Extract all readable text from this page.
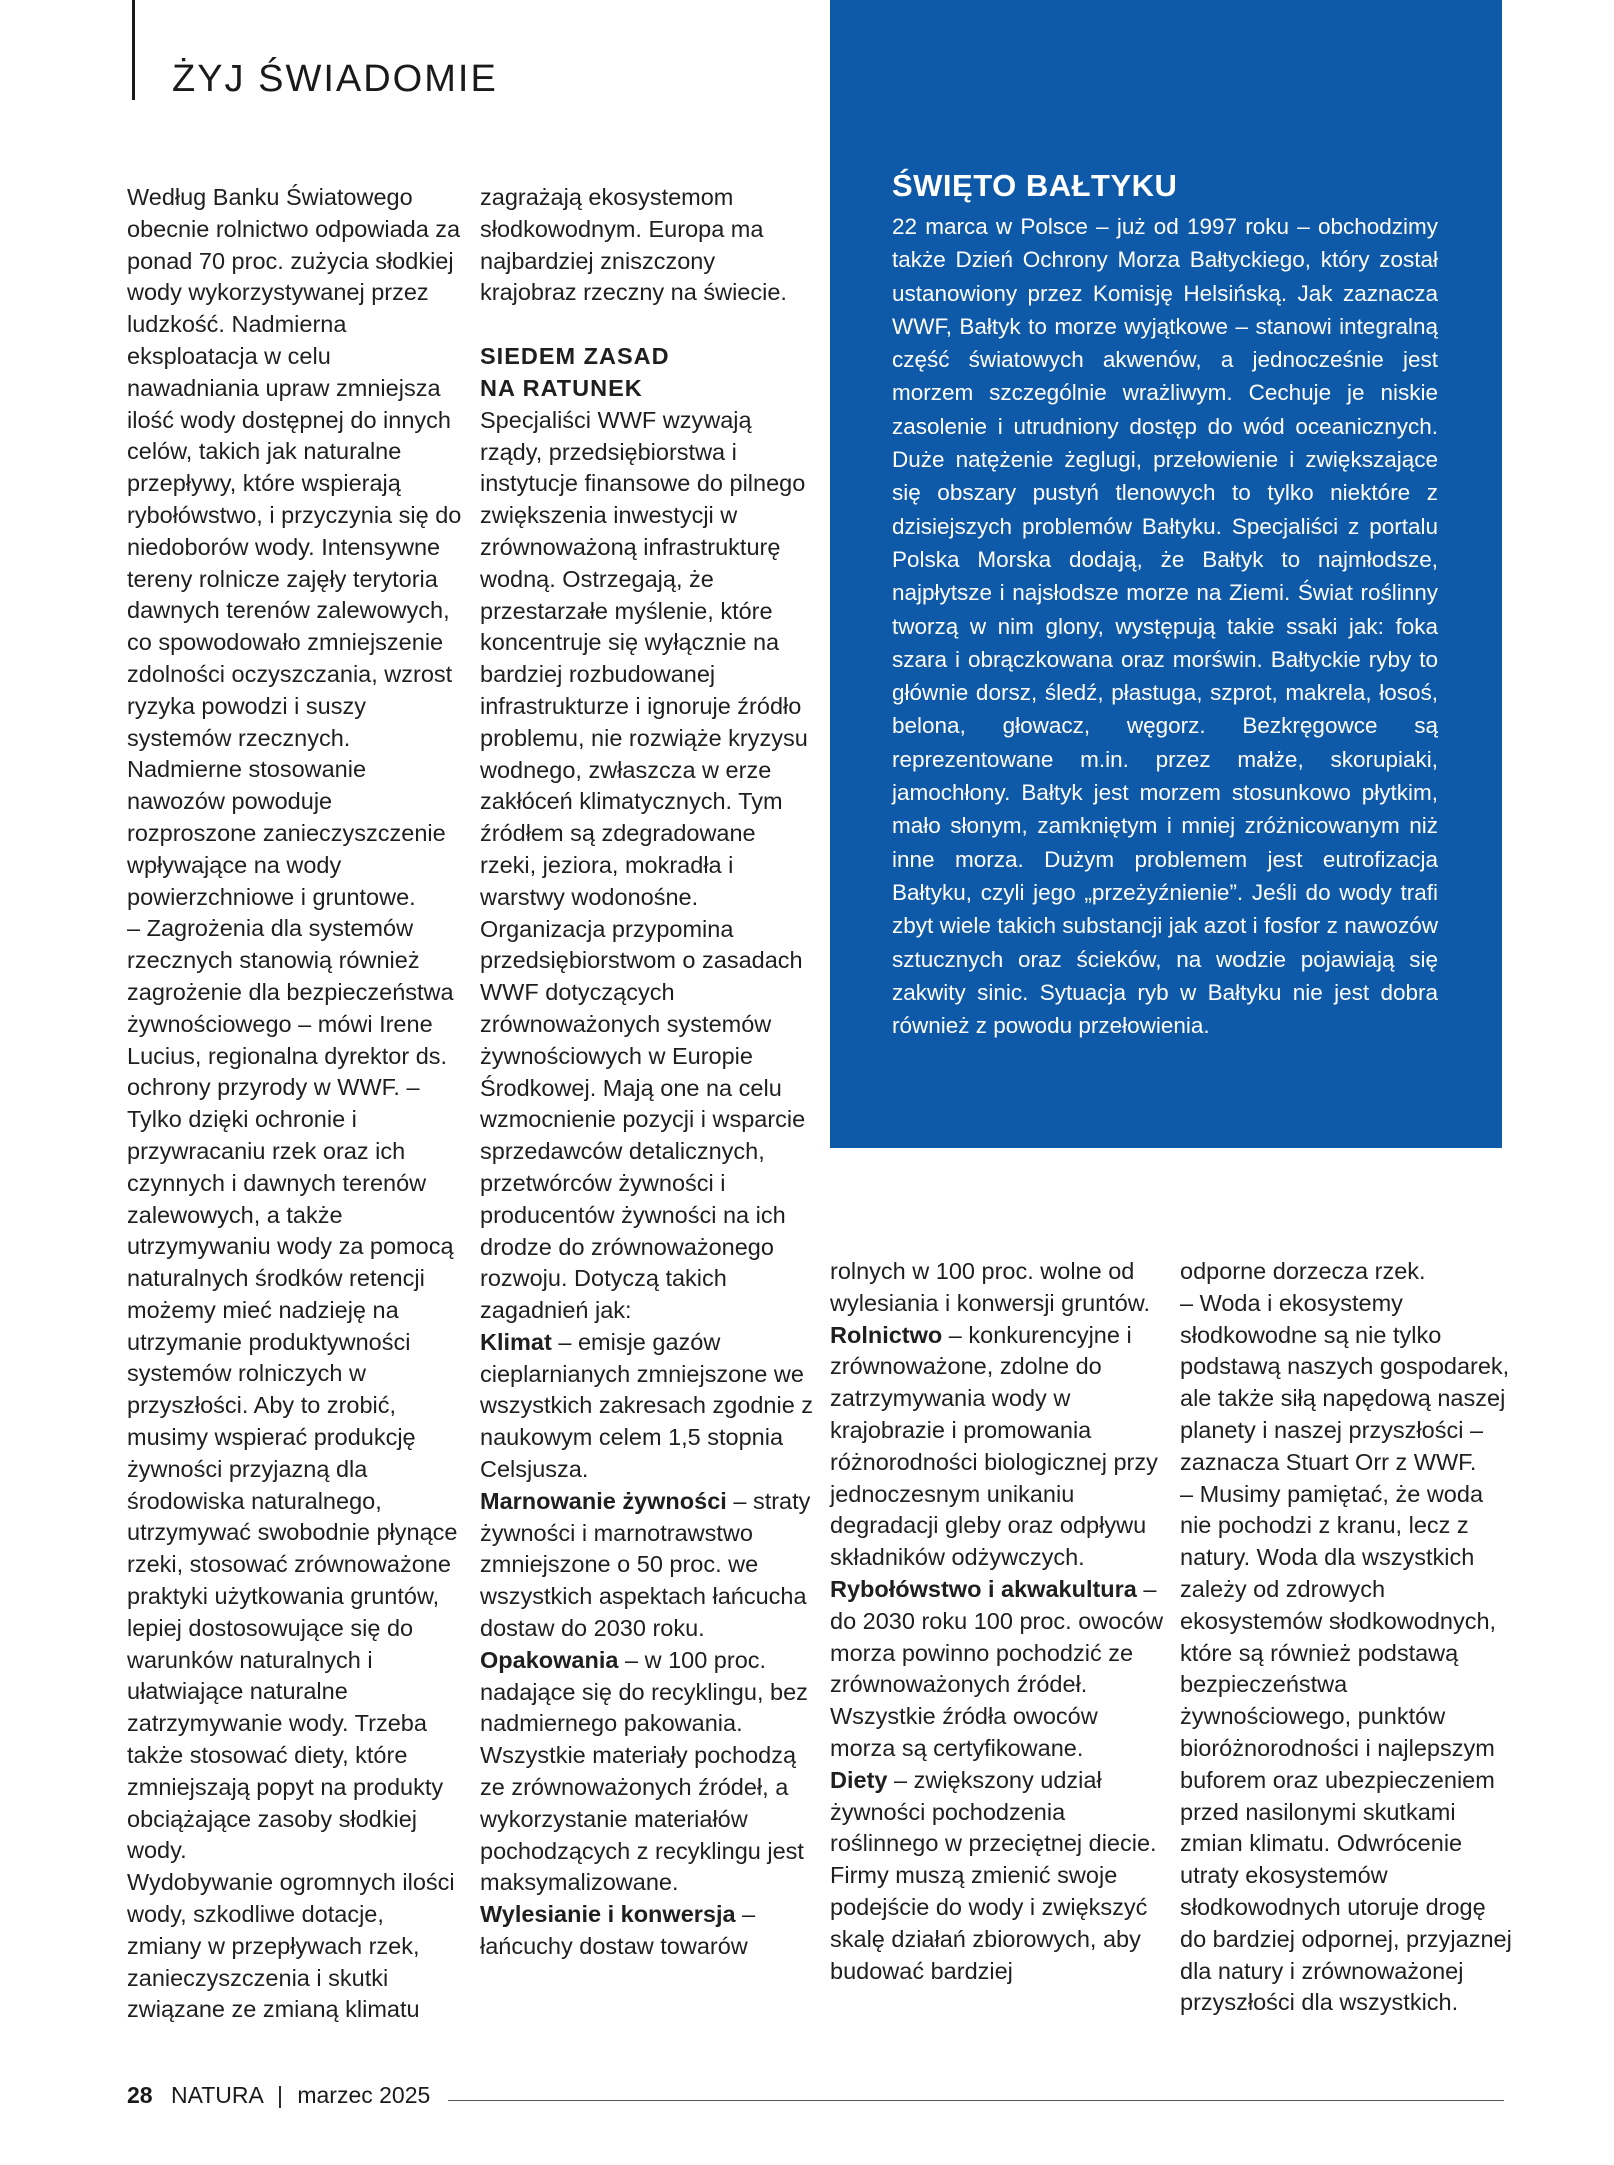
ŻYJ ŚWIADOMIE

Według Banku Światowego obecnie rolnictwo odpowiada za ponad 70 proc. zużycia słodkiej wody wykorzystywanej przez ludzkość. Nadmierna eksploatacja w celu nawadniania upraw zmniejsza ilość wody dostępnej do innych celów, takich jak naturalne przepływy, które wspierają rybołówstwo, i przyczynia się do niedoborów wody. Intensywne tereny rolnicze zajęły terytoria dawnych terenów zalewowych, co spowodowało zmniejszenie zdolności oczyszczania, wzrost ryzyka powodzi i suszy systemów rzecznych. Nadmierne stosowanie nawozów powoduje rozproszone zanieczyszczenie wpływające na wody powierzchniowe i gruntowe.

– Zagrożenia dla systemów rzecznych stanowią również zagrożenie dla bezpieczeństwa żywnościowego – mówi Irene Lucius, regionalna dyrektor ds. ochrony przyrody w WWF. – Tylko dzięki ochronie i przywracaniu rzek oraz ich czynnych i dawnych terenów zalewowych, a także utrzymywaniu wody za pomocą naturalnych środków retencji możemy mieć nadzieję na utrzymanie produktywności systemów rolniczych w przyszłości. Aby to zrobić, musimy wspierać produkcję żywności przyjazną dla środowiska naturalnego, utrzymywać swobodnie płynące rzeki, stosować zrównoważone praktyki użytkowania gruntów, lepiej dostosowujące się do warunków naturalnych i ułatwiające naturalne zatrzymywanie wody. Trzeba także stosować diety, które zmniejszają popyt na produkty obciążające zasoby słodkiej wody.

Wydobywanie ogromnych ilości wody, szkodliwe dotacje, zmiany w przepływach rzek, zanieczyszczenia i skutki związane ze zmianą klimatu

zagrażają ekosystemom słodkowodnym. Europa ma najbardziej zniszczony krajobraz rzeczny na świecie.

SIEDEM ZASAD
NA RATUNEK

Specjaliści WWF wzywają rządy, przedsiębiorstwa i instytucje finansowe do pilnego zwiększenia inwestycji w zrównoważoną infrastrukturę wodną. Ostrzegają, że przestarzałe myślenie, które koncentruje się wyłącznie na bardziej rozbudowanej infrastrukturze i ignoruje źródło problemu, nie rozwiąże kryzysu wodnego, zwłaszcza w erze zakłóceń klimatycznych. Tym źródłem są zdegradowane rzeki, jeziora, mokradła i warstwy wodonośne.

Organizacja przypomina przedsiębiorstwom o zasadach WWF dotyczących zrównoważonych systemów żywnościowych w Europie Środkowej. Mają one na celu wzmocnienie pozycji i wsparcie sprzedawców detalicznych, przetwórców żywności i producentów żywności na ich drodze do zrównoważonego rozwoju. Dotyczą takich zagadnień jak:

Klimat – emisje gazów cieplarnianych zmniejszone we wszystkich zakresach zgodnie z naukowym celem 1,5 stopnia Celsjusza.

Marnowanie żywności – straty żywności i marnotrawstwo zmniejszone o 50 proc. we wszystkich aspektach łańcucha dostaw do 2030 roku.

Opakowania – w 100 proc. nadające się do recyklingu, bez nadmiernego pakowania. Wszystkie materiały pochodzą ze zrównoważonych źródeł, a wykorzystanie materiałów pochodzących z recyklingu jest maksymalizowane.

Wylesianie i konwersja – łańcuchy dostaw towarów

ŚWIĘTO BAŁTYKU

22 marca w Polsce – już od 1997 roku – obchodzimy także Dzień Ochrony Morza Bałtyckiego, który został ustanowiony przez Komisję Helsińską. Jak zaznacza WWF, Bałtyk to morze wyjątkowe – stanowi integralną część światowych akwenów, a jednocześnie jest morzem szczególnie wrażliwym. Cechuje je niskie zasolenie i utrudniony dostęp do wód oceanicznych. Duże natężenie żeglugi, przełowienie i zwiększające się obszary pustyń tlenowych to tylko niektóre z dzisiejszych problemów Bałtyku. Specjaliści z portalu Polska Morska dodają, że Bałtyk to najmłodsze, najpłytsze i najsłodsze morze na Ziemi. Świat roślinny tworzą w nim glony, występują takie ssaki jak: foka szara i obrączkowana oraz morświn. Bałtyckie ryby to głównie dorsz, śledź, płastuga, szprot, makrela, łosoś, belona, głowacz, węgorz. Bezkręgowce są reprezentowane m.in. przez małże, skorupiaki, jamochłony. Bałtyk jest morzem stosunkowo płytkim, mało słonym, zamkniętym i mniej zróżnicowanym niż inne morza. Dużym problemem jest eutrofizacja Bałtyku, czyli jego „przeżyźnienie”. Jeśli do wody trafi zbyt wiele takich substancji jak azot i fosfor z nawozów sztucznych oraz ścieków, na wodzie pojawiają się zakwity sinic. Sytuacja ryb w Bałtyku nie jest dobra również z powodu przełowienia.

rolnych w 100 proc. wolne od wylesiania i konwersji gruntów.

Rolnictwo – konkurencyjne i zrównoważone, zdolne do zatrzymywania wody w krajobrazie i promowania różnorodności biologicznej przy jednoczesnym unikaniu degradacji gleby oraz odpływu składników odżywczych.

Rybołówstwo i akwakultura – do 2030 roku 100 proc. owoców morza powinno pochodzić ze zrównoważonych źródeł. Wszystkie źródła owoców morza są certyfikowane.

Diety – zwiększony udział żywności pochodzenia roślinnego w przeciętnej diecie.

Firmy muszą zmienić swoje podejście do wody i zwiększyć skalę działań zbiorowych, aby budować bardziej

odporne dorzecza rzek.

– Woda i ekosystemy słodkowodne są nie tylko podstawą naszych gospodarek, ale także siłą napędową naszej planety i naszej przyszłości – zaznacza Stuart Orr z WWF.

– Musimy pamiętać, że woda nie pochodzi z kranu, lecz z natury. Woda dla wszystkich zależy od zdrowych ekosystemów słodkowodnych, które są również podstawą bezpieczeństwa żywnościowego, punktów bioróżnorodności i najlepszym buforem oraz ubezpieczeniem przed nasilonymi skutkami zmian klimatu. Odwrócenie utraty ekosystemów słodkowodnych utoruje drogę do bardziej odpornej, przyjaznej dla natury i zrównoważonej przyszłości dla wszystkich.

28 NATURA | marzec 2025
